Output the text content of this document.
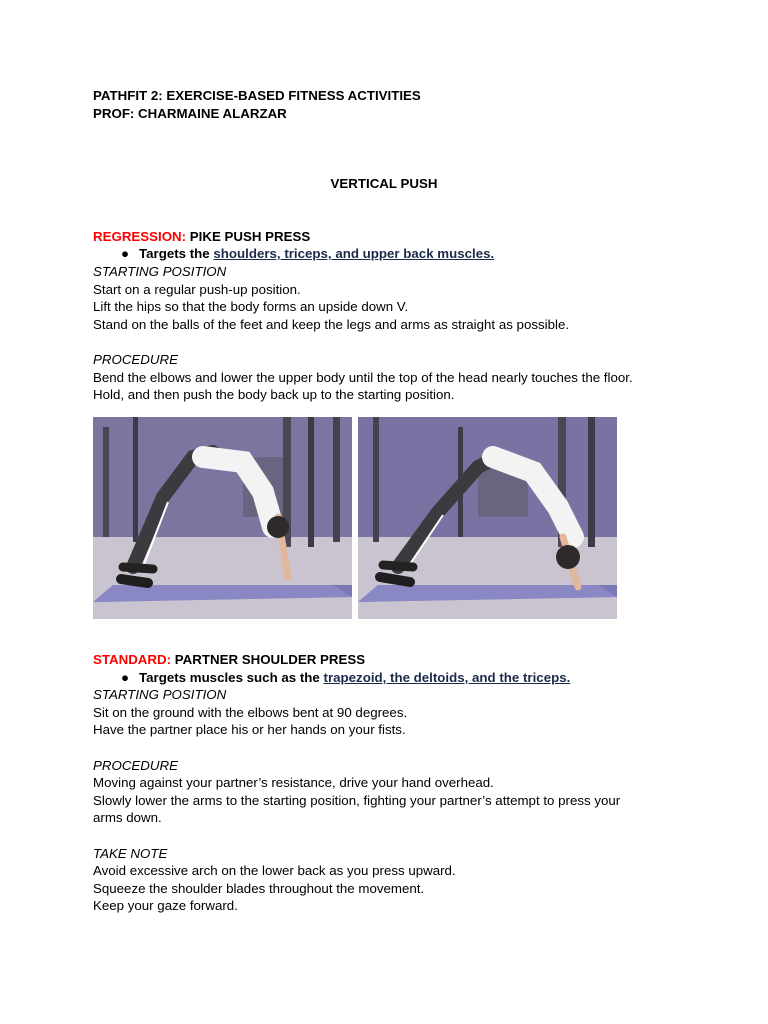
PATHFIT 2: EXERCISE-BASED FITNESS ACTIVITIES
PROF: CHARMAINE ALARZAR
VERTICAL PUSH
REGRESSION: PIKE PUSH PRESS
● Targets the shoulders, triceps, and upper back muscles.
STARTING POSITION
Start on a regular push-up position.
Lift the hips so that the body forms an upside down V.
Stand on the balls of the feet and keep the legs and arms as straight as possible.
PROCEDURE
Bend the elbows and lower the upper body until the top of the head nearly touches the floor.
Hold, and then push the body back up to the starting position.
STANDARD: PARTNER SHOULDER PRESS
● Targets muscles such as the trapezoid, the deltoids, and the triceps.
STARTING POSITION
Sit on the ground with the elbows bent at 90 degrees.
Have the partner place his or her hands on your fists.
PROCEDURE
Moving against your partner’s resistance, drive your hand overhead.
Slowly lower the arms to the starting position, fighting your partner’s attempt to press your
arms down.
TAKE NOTE
Avoid excessive arch on the lower back as you press upward.
Squeeze the shoulder blades throughout the movement.
Keep your gaze forward.
